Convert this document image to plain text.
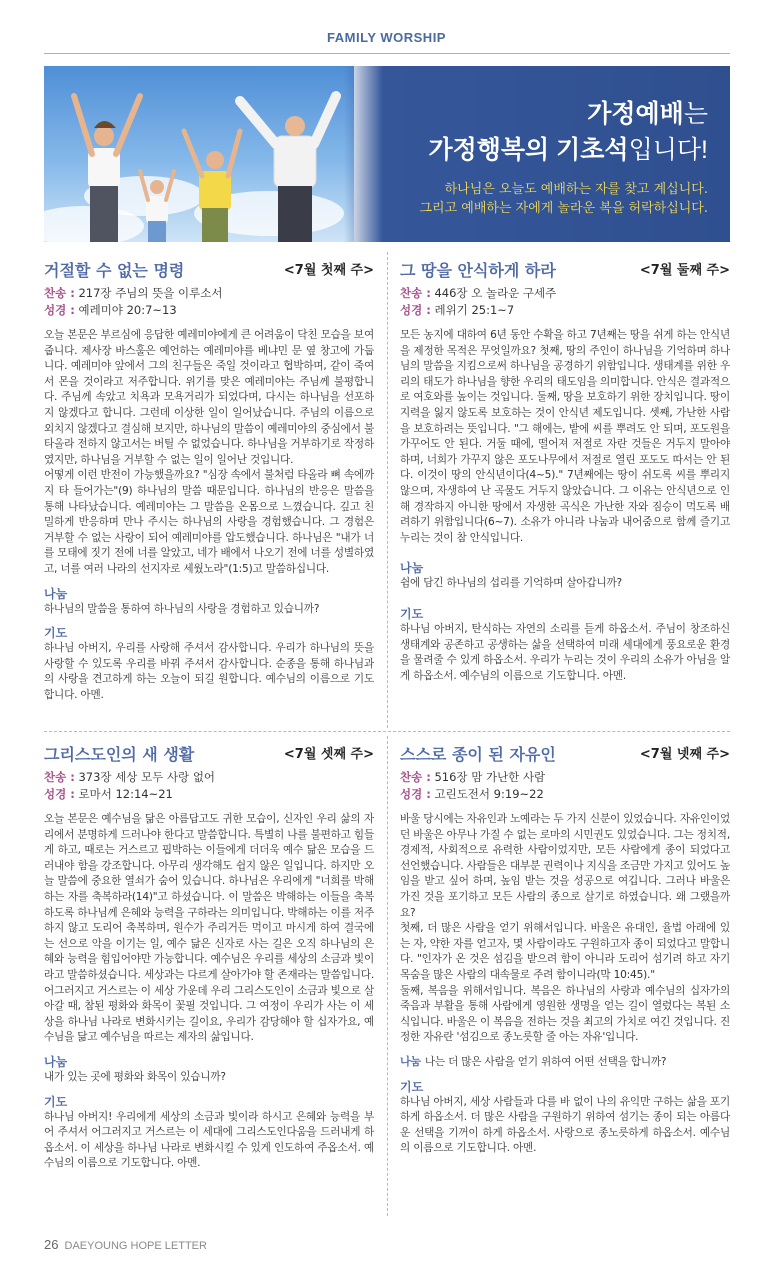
FAMILY WORSHIP
가정예배는
가정행복의 기초석입니다!
하나님은 오늘도 예배하는 자를 찾고 계십니다.
그리고 예배하는 자에게 놀라운 복을 허락하십니다.
거절할 수 없는 명령	<7월 첫째 주>
찬송 : 217장 주님의 뜻을 이루소서
성경 : 예레미야 20:7~13

오늘 본문은 부르심에 응답한 예레미야에게 큰 어려움이 닥친 모습을 보여 줍니다. 제사장 바스훌은 예언하는 예레미야를 베냐민 문 옆 창고에 가둡니다. 예레미야 앞에서 그의 친구들은 죽일 것이라고 협박하며, 같이 죽여서 몬을 것이라고 저주합니다. 위기를 맞은 예레미야는 주님께 불평합니다. 주님께 속았고 치욕과 모욕거리가 되었다며, 다시는 하나님을 선포하지 않겠다고 합니다. 그런데 이상한 일이 일어났습니다. 주님의 이름으로 외치지 않겠다고 결심해 보지만, 하나님의 말씀이 예레미야의 중심에서 불타올라 전하지 않고서는 버틸 수 없었습니다. 하나님을 거부하기로 작정하였지만, 하나님을 거부할 수 없는 일이 일어난 것입니다.

어떻게 이런 반전이 가능했을까요? "심장 속에서 불처럼 타올라 뼈 속에까지 타 들어가는"(9) 하나님의 말씀 때문입니다. 하나님의 반응은 말씀을 통해 나타났습니다. 예레미야는 그 말씀을 온몸으로 느꼈습니다. 깊고 친밀하게 반응하며 만나 주시는 하나님의 사랑을 경험했습니다. 그 경험은 거부할 수 없는 사랑이 되어 예레미야를 압도했습니다. 하나님은 "내가 너를 모태에 짓기 전에 너를 알았고, 네가 배에서 나오기 전에 너를 성별하였고, 너를 여러 나라의 선지자로 세웠노라"(1:5)고 말씀하십니다.

나눔
하나님의 말씀을 통하여 하나님의 사랑을 경험하고 있습니까?
기도
하나님 아버지, 우리를 사랑해 주셔서 감사합니다. 우리가 하나님의 뜻을 사랑할 수 있도록 우리를 바꿔 주셔서 감사합니다. 순종을 통해 하나님과의 사랑을 견고하게 하는 오늘이 되길 원합니다. 예수님의 이름으로 기도합니다. 아멘.
그 땅을 안식하게 하라	<7월 둘째 주>
찬송 : 446장 오 놀라운 구세주
성경 : 레위기 25:1~7

모든 농지에 대하여 6년 동안 수확을 하고 7년째는 땅을 쉬게 하는 안식년을 제정한 목적은 무엇일까요? 첫째, 땅의 주인이 하나님을 기억하며 하나님의 말씀을 지킴으로써 하나님을 공경하기 위함입니다. 생태계를 위한 우리의 태도가 하나님을 향한 우리의 태도임을 의미합니다. 안식은 결과적으로 여호와를 높이는 것입니다. 둘째, 땅을 보호하기 위한 장치입니다. 땅이 지력을 잃지 않도록 보호하는 것이 안식년 제도입니다. 셋째, 가난한 사람을 보호하려는 뜻입니다. "그 해에는, 밭에 씨를 뿌려도 안 되며, 포도원을 가꾸어도 안 된다. 거둘 때에, 떨어져 저절로 자란 것들은 거두지 말아야 하며, 너희가 가꾸지 않은 포도나무에서 저절로 열린 포도도 따서는 안 된다. 이것이 땅의 안식년이다(4~5)." 7년째에는 땅이 쉬도록 씨를 뿌리지 않으며, 자생하여 난 곡물도 거두지 않았습니다. 그 이유는 안식년으로 인해 경작하지 아니한 땅에서 자생한 곡식은 가난한 자와 짐승이 먹도록 배려하기 위함입니다(6~7). 소유가 아니라 나눔과 내어줌으로 함께 즐기고 누리는 것이 참 안식입니다.

나눔
쉼에 담긴 하나님의 섭리를 기억하며 살아갑니까?
기도
하나님 아버지, 탄식하는 자연의 소리를 듣게 하옵소서. 주님이 창조하신 생태계와 공존하고 공생하는 삶을 선택하여 미래 세대에게 풍요로운 환경을 물려줄 수 있게 하옵소서. 우리가 누리는 것이 우리의 소유가 아님을 알게 하옵소서. 예수님의 이름으로 기도합니다. 아멘.
그리스도인의 새 생활	<7월 셋째 주>
찬송 : 373장 세상 모두 사랑 없어
성경 : 로마서 12:14~21

오늘 본문은 예수님을 닮은 아름답고도 귀한 모습이, 신자인 우리 삶의 자리에서 분명하게 드러나야 한다고 말씀합니다. 특별히 나를 불편하고 힘들게 하고, 때로는 거스르고 핍박하는 이들에게 더더욱 예수 닮은 모습을 드러내야 함을 강조합니다. 아무리 생각해도 쉽지 않은 일입니다. 하지만 오늘 말씀에 중요한 열쇠가 숨어 있습니다. 하나님은 우리에게 "너희를 박해하는 자를 축복하라(14)"고 하셨습니다. 이 말씀은 박해하는 이들을 축복하도록 하나님께 은혜와 능력을 구하라는 의미입니다. 박해하는 이를 저주하지 않고 도리어 축복하며, 원수가 주리거든 먹이고 마시게 하여 결국에는 선으로 악을 이기는 일, 예수 닮은 신자로 사는 길은 오직 하나님의 은혜와 능력을 힘입어야만 가능합니다. 예수님은 우리를 세상의 소금과 빛이라고 말씀하셨습니다. 세상과는 다르게 살아가야 할 존재라는 말씀입니다. 어그러지고 거스르는 이 세상 가운데 우리 그리스도인이 소금과 빛으로 살아갈 때, 참된 평화와 화목이 꽃필 것입니다. 그 여정이 우리가 사는 이 세상을 하나님 나라로 변화시키는 길이요, 우리가 감당해야 할 십자가요, 예수님을 닮고 예수님을 따르는 제자의 삶입니다.

나눔
내가 있는 곳에 평화와 화목이 있습니까?
기도
하나님 아버지! 우리에게 세상의 소금과 빛이라 하시고 은혜와 능력을 부어 주셔서 어그러지고 거스르는 이 세대에 그리스도인다움을 드러내게 하옵소서. 이 세상을 하나님 나라로 변화시킬 수 있게 인도하여 주옵소서. 예수님의 이름으로 기도합니다. 아멘.
스스로 종이 된 자유인	<7월 넷째 주>
찬송 : 516장 맘 가난한 사람
성경 : 고린도전서 9:19~22

바울 당시에는 자유인과 노예라는 두 가지 신분이 있었습니다. 자유인이었던 바울은 아무나 가질 수 없는 로마의 시민권도 있었습니다. 그는 정치적, 경제적, 사회적으로 유력한 사람이었지만, 모든 사람에게 종이 되었다고 선언했습니다. 사람들은 대부분 권력이나 지식을 조금만 가지고 있어도 높임을 받고 싶어 하며, 높임 받는 것을 성공으로 여깁니다. 그러나 바울은 가진 것을 포기하고 모든 사람의 종으로 살기로 하였습니다. 왜 그랬을까요?

첫째, 더 많은 사람을 얻기 위해서입니다. 바울은 유대인, 율법 아래에 있는 자, 약한 자를 얻고자, 몇 사람이라도 구원하고자 종이 되었다고 말합니다. "인자가 온 것은 섬김을 받으려 함이 아니라 도리어 섬기려 하고 자기 목숨을 많은 사람의 대속물로 주려 함이니라(막 10:45)."

둘째, 복음을 위해서입니다. 복음은 하나님의 사랑과 예수님의 십자가의 죽음과 부활을 통해 사람에게 영원한 생명을 얻는 길이 열렸다는 복된 소식입니다. 바울은 이 복음을 전하는 것을 최고의 가치로 여긴 것입니다. 진정한 자유란 '섬김으로 종노릇할 줄 아는 자유'입니다.

나눔 나는 더 많은 사람을 얻기 위하여 어떤 선택을 합니까?
기도
하나님 아버지, 세상 사람들과 다를 바 없이 나의 유익만 구하는 삶을 포기하게 하옵소서. 더 많은 사람을 구원하기 위하여 섬기는 종이 되는 아름다운 선택을 기꺼이 하게 하옵소서. 사랑으로 종노릇하게 하옵소서. 예수님의 이름으로 기도합니다. 아멘.
26 DAEYOUNG HOPE LETTER
